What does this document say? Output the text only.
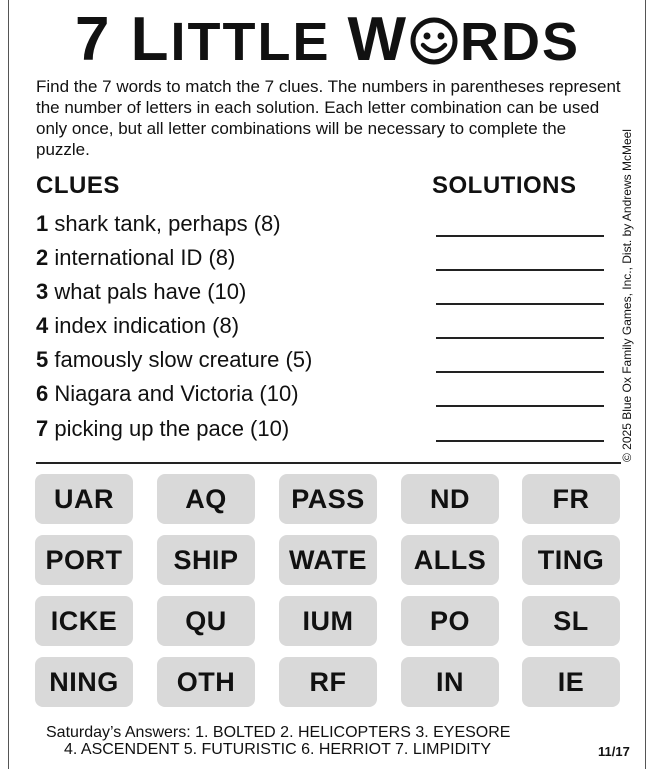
7 LITTLE W RDS
Find the 7 words to match the 7 clues. The numbers in parentheses represent the number of letters in each solution. Each letter combination can be used only once, but all letter combinations will be necessary to complete the puzzle.	© 2025 Blue Ox Family Games, Inc., Dist. by Andrews McMeel
CLUES	SOLUTIONS
1 shark tank, perhaps (8)
2 international ID (8)
3 what pals have (10)
4 index indication (8)
5 famously slow creature (5)
6 Niagara and Victoria (10)
7 picking up the pace (10)
UAR	AQ	PASS	ND	FR
PORT	SHIP	WATE	ALLS	TING
ICKE	QU	IUM	PO	SL
NING	OTH	RF	IN	IE
Saturday’s Answers: 1. BOLTED 2. HELICOPTERS 3. EYESORE
4. ASCENDENT 5. FUTURISTIC 6. HERRIOT 7. LIMPIDITY	11/17
